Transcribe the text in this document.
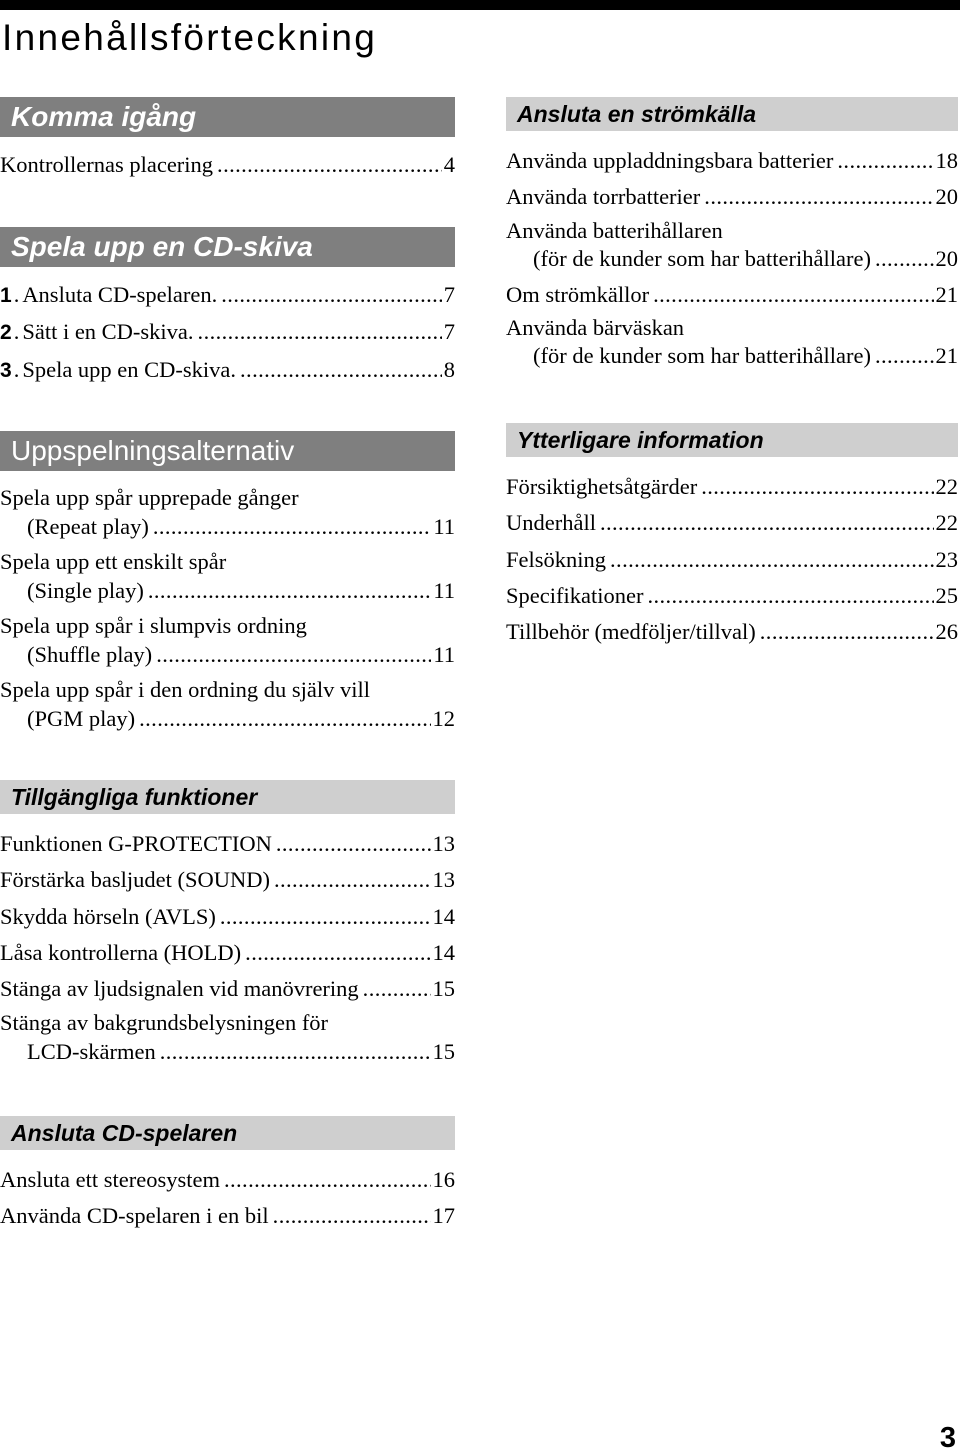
Innehållsförteckning
Komma igång
Kontrollernas placering .....	4
Spela upp en CD-skiva
1 . Ansluta CD-spelaren. .....	7
2 . Sätt i en CD-skiva. .....	7
3 . Spela upp en CD-skiva. .....	8
Uppspelningsalternativ
Spela upp spår upprepade gånger
(Repeat play) .....	11
Spela upp ett enskilt spår
(Single play) .....	11
Spela upp spår i slumpvis ordning
(Shuffle play) .....	11
Spela upp spår i den ordning du själv vill
(PGM play) .....	12
Tillgängliga funktioner
Funktionen G-PROTECTION .....	13
Förstärka basljudet (SOUND) .....	13
Skydda hörseln (AVLS) .....	14
Låsa kontrollerna (HOLD) .....	14
Stänga av ljudsignalen vid manövrering .....	15
Stänga av bakgrundsbelysningen för
LCD-skärmen .....	15
Ansluta CD-spelaren
Ansluta ett stereosystem .....	16
Använda CD-spelaren i en bil .....	17
Ansluta en strömkälla
Använda uppladdningsbara batterier .....	18
Använda torrbatterier .....	20
Använda batterihållaren
(för de kunder som har batterihållare) .....	20
Om strömkällor .....	21
Använda bärväskan
(för de kunder som har batterihållare) .....	21
Ytterligare information
Försiktighetsåtgärder .....	22
Underhåll .....	22
Felsökning .....	23
Specifikationer .....	25
Tillbehör (medföljer/tillval) .....	26
3
